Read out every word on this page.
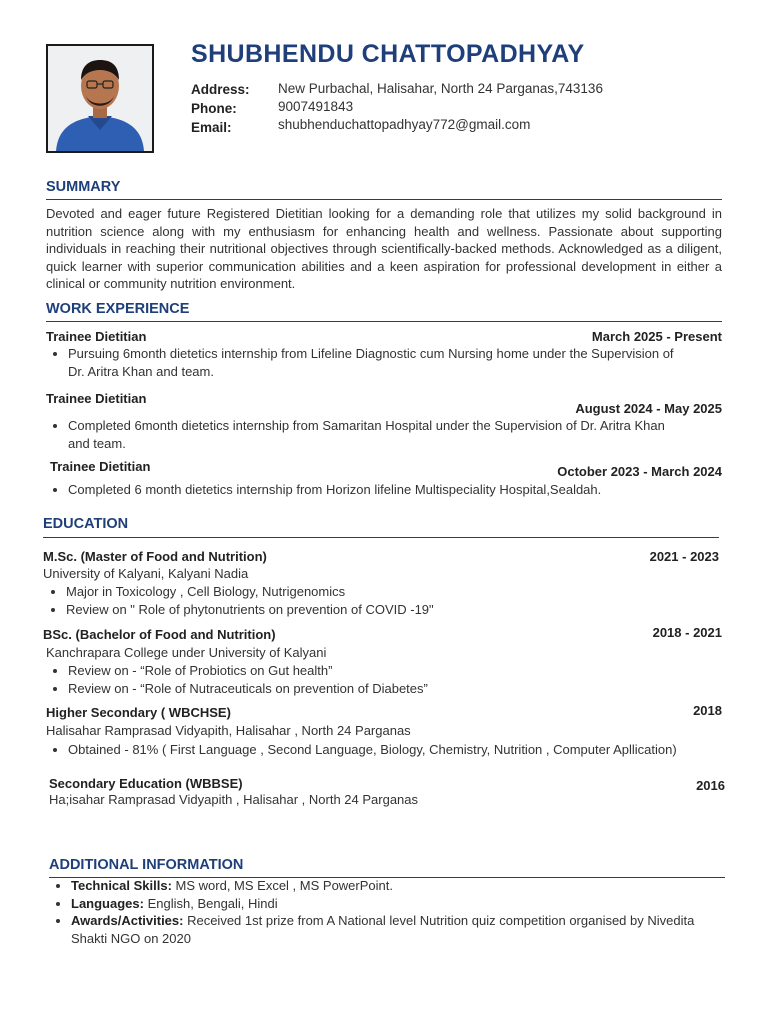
SHUBHENDU CHATTOPADHYAY
Address: New Purbachal, Halisahar, North 24 Parganas,743136
Phone:	9007491843
Email:	shubhenduchattopadhyay772@gmail.com
SUMMARY
Devoted and eager future Registered Dietitian looking for a demanding role that utilizes my solid background in nutrition science along with my enthusiasm for enhancing health and wellness. Passionate about supporting individuals in reaching their nutritional objectives through scientifically-backed methods. Acknowledged as a diligent, quick learner with superior communication abilities and a keen aspiration for professional development in either a clinical or community nutrition environment.
WORK EXPERIENCE
Trainee Dietitian	March 2025 - Present
• Pursuing 6month dietetics internship from Lifeline Diagnostic cum Nursing home under the Supervision of Dr. Aritra Khan and team.
Trainee Dietitian
August 2024 - May 2025
• Completed 6month dietetics internship from Samaritan Hospital under the Supervision of Dr. Aritra Khan and team.
Trainee Dietitian	October 2023 - March 2024
• Completed 6 month dietetics internship from Horizon lifeline Multispeciality Hospital,Sealdah.
EDUCATION
M.Sc. (Master of Food and Nutrition)	2021 - 2023
University of Kalyani, Kalyani Nadia
• Major in Toxicology , Cell Biology, Nutrigenomics
• Review on " Role of phytonutrients on prevention of COVID -19"
BSc. (Bachelor of Food and Nutrition)	2018 - 2021
Kanchrapara College under University of Kalyani
• Review on - “Role of Probiotics on Gut health”
• Review on - “Role of Nutraceuticals on prevention of Diabetes”
Higher Secondary ( WBCHSE)	2018
Halisahar Ramprasad Vidyapith, Halisahar , North 24 Parganas
• Obtained - 81% ( First Language , Second Language, Biology, Chemistry, Nutrition , Computer Apllication)
Secondary Education (WBBSE)	2016
Ha;isahar Ramprasad Vidyapith , Halisahar , North 24 Parganas
ADDITIONAL INFORMATION
• Technical Skills: MS word, MS Excel , MS PowerPoint.
• Languages: English, Bengali, Hindi
• Awards/Activities: Received 1st prize from A National level Nutrition quiz competition organised by Nivedita Shakti NGO on 2020
